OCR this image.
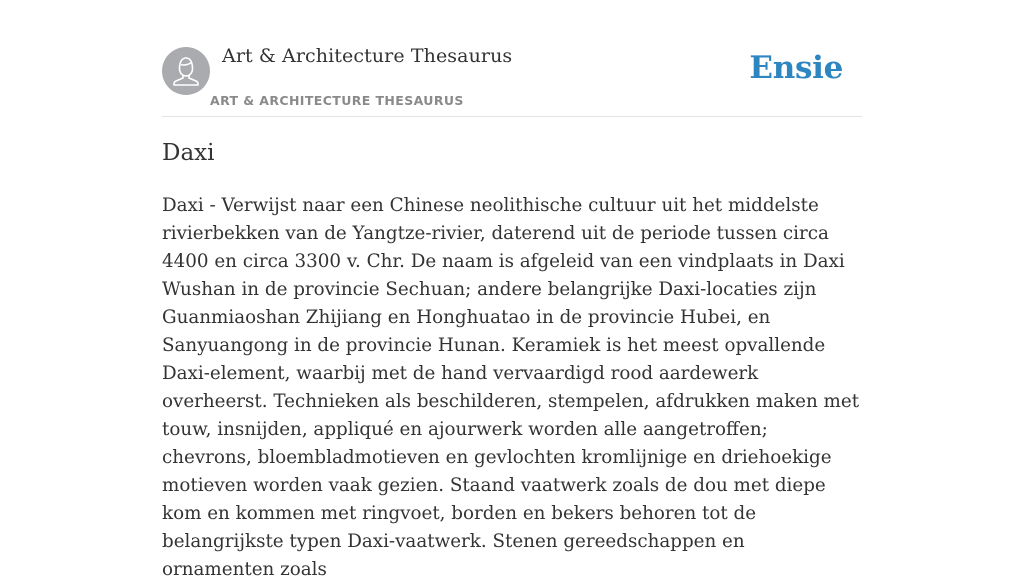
Art & Architecture Thesaurus
ART & ARCHITECTURE THESAURUS
Ensie
Daxi

Daxi - Verwijst naar een Chinese neolithische cultuur uit het middelste rivierbekken van de Yangtze-rivier, daterend uit de periode tussen circa 4400 en circa 3300 v. Chr. De naam is afgeleid van een vindplaats in Daxi Wushan in de provincie Sechuan; andere belangrijke Daxi-locaties zijn Guanmiaoshan Zhijiang en Honghuatao in de provincie Hubei, en Sanyuangong in de provincie Hunan. Keramiek is het meest opvallende Daxi-element, waarbij met de hand vervaardigd rood aardewerk overheerst. Technieken als beschilderen, stempelen, afdrukken maken met touw, insnijden, appliqué en ajourwerk worden alle aangetroffen; chevrons, bloembladmotieven en gevlochten kromlijnige en driehoekige motieven worden vaak gezien. Staand vaatwerk zoals de dou met diepe kom en kommen met ringvoet, borden en bekers behoren tot de belangrijkste typen Daxi-vaatwerk. Stenen gereedschappen en ornamenten zoals
